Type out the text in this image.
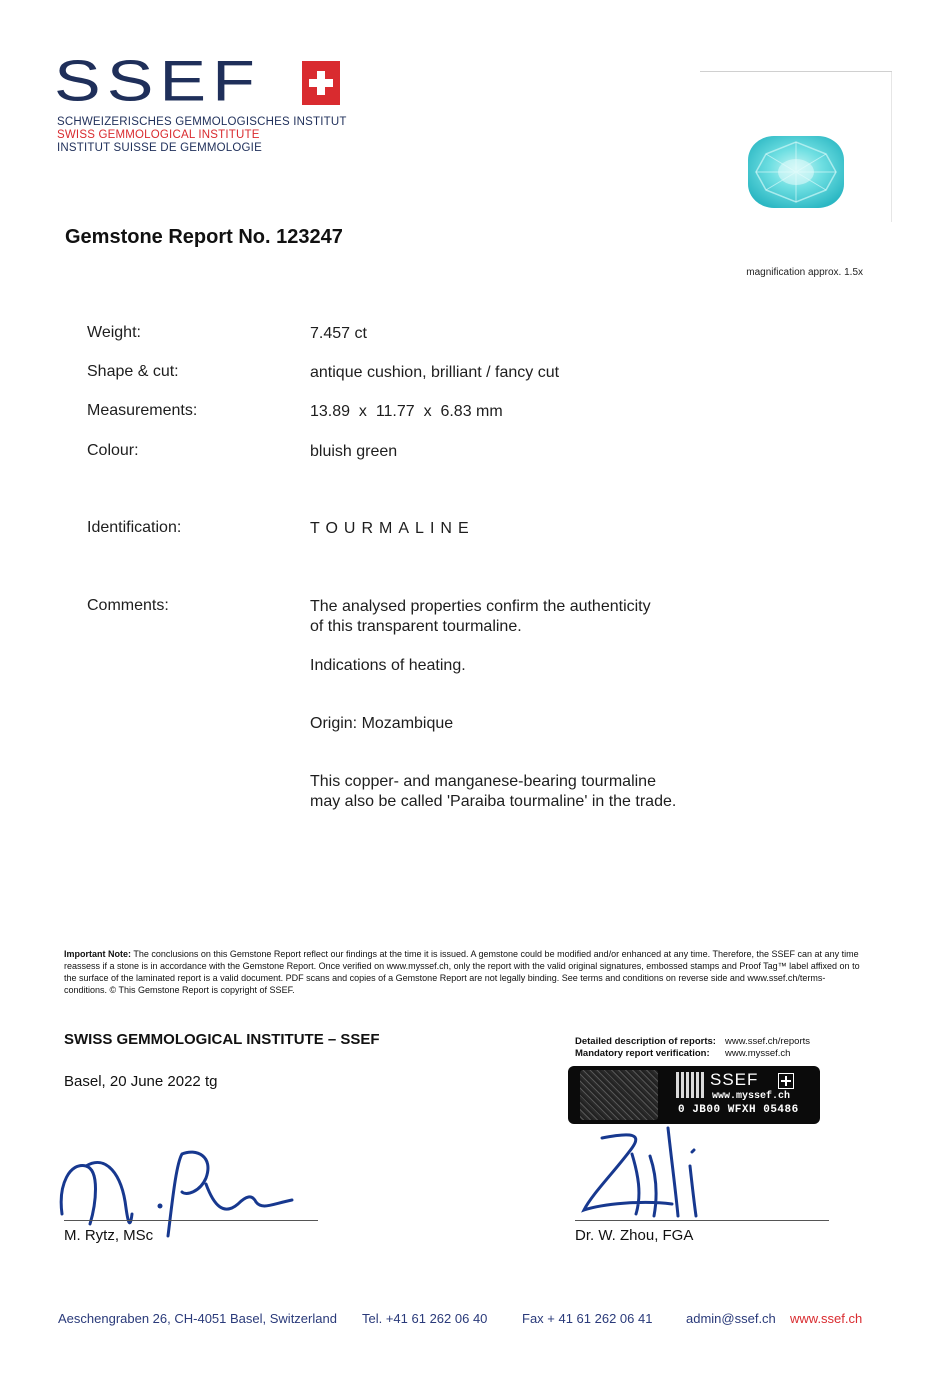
SSEF
SCHWEIZERISCHES GEMMOLOGISCHES INSTITUT
SWISS GEMMOLOGICAL INSTITUTE
INSTITUT SUISSE DE GEMMOLOGIE
magnification approx. 1.5x
Gemstone Report No. 123247
Weight:	7.457 ct
Shape & cut:	antique cushion, brilliant / fancy cut
Measurements:	13.89  x  11.77  x  6.83 mm
Colour:	bluish green
Identification:	TOURMALINE
Comments:	The analysed properties confirm the authenticity
of this transparent tourmaline.
Indications of heating.
Origin: Mozambique
This copper- and manganese-bearing tourmaline
may also be called 'Paraiba tourmaline' in the trade.
Important Note: The conclusions on this Gemstone Report reflect our findings at the time it is issued. A gemstone could be modified and/or enhanced at any time. Therefore, the SSEF can at any time reassess if a stone is in accordance with the Gemstone Report. Once verified on www.myssef.ch, only the report with the valid original signatures, embossed stamps and Proof Tag™ label affixed on to the surface of the laminated report is a valid document. PDF scans and copies of a Gemstone Report are not legally binding. See terms and conditions on reverse side and www.ssef.ch/terms-conditions. © This Gemstone Report is copyright of SSEF.
SWISS GEMMOLOGICAL INSTITUTE – SSEF
Basel, 20 June 2022 tg
Detailed description of reports: www.ssef.ch/reports
Mandatory report verification: www.myssef.ch
SSEF
www.myssef.ch
0 JB00 WFXH 05486
M. Rytz, MSc	Dr. W. Zhou, FGA
Aeschengraben 26, CH-4051 Basel, Switzerland Tel. +41 61 262 06 40	Fax + 41 61 262 06 41	admin@ssef.ch www.ssef.ch
